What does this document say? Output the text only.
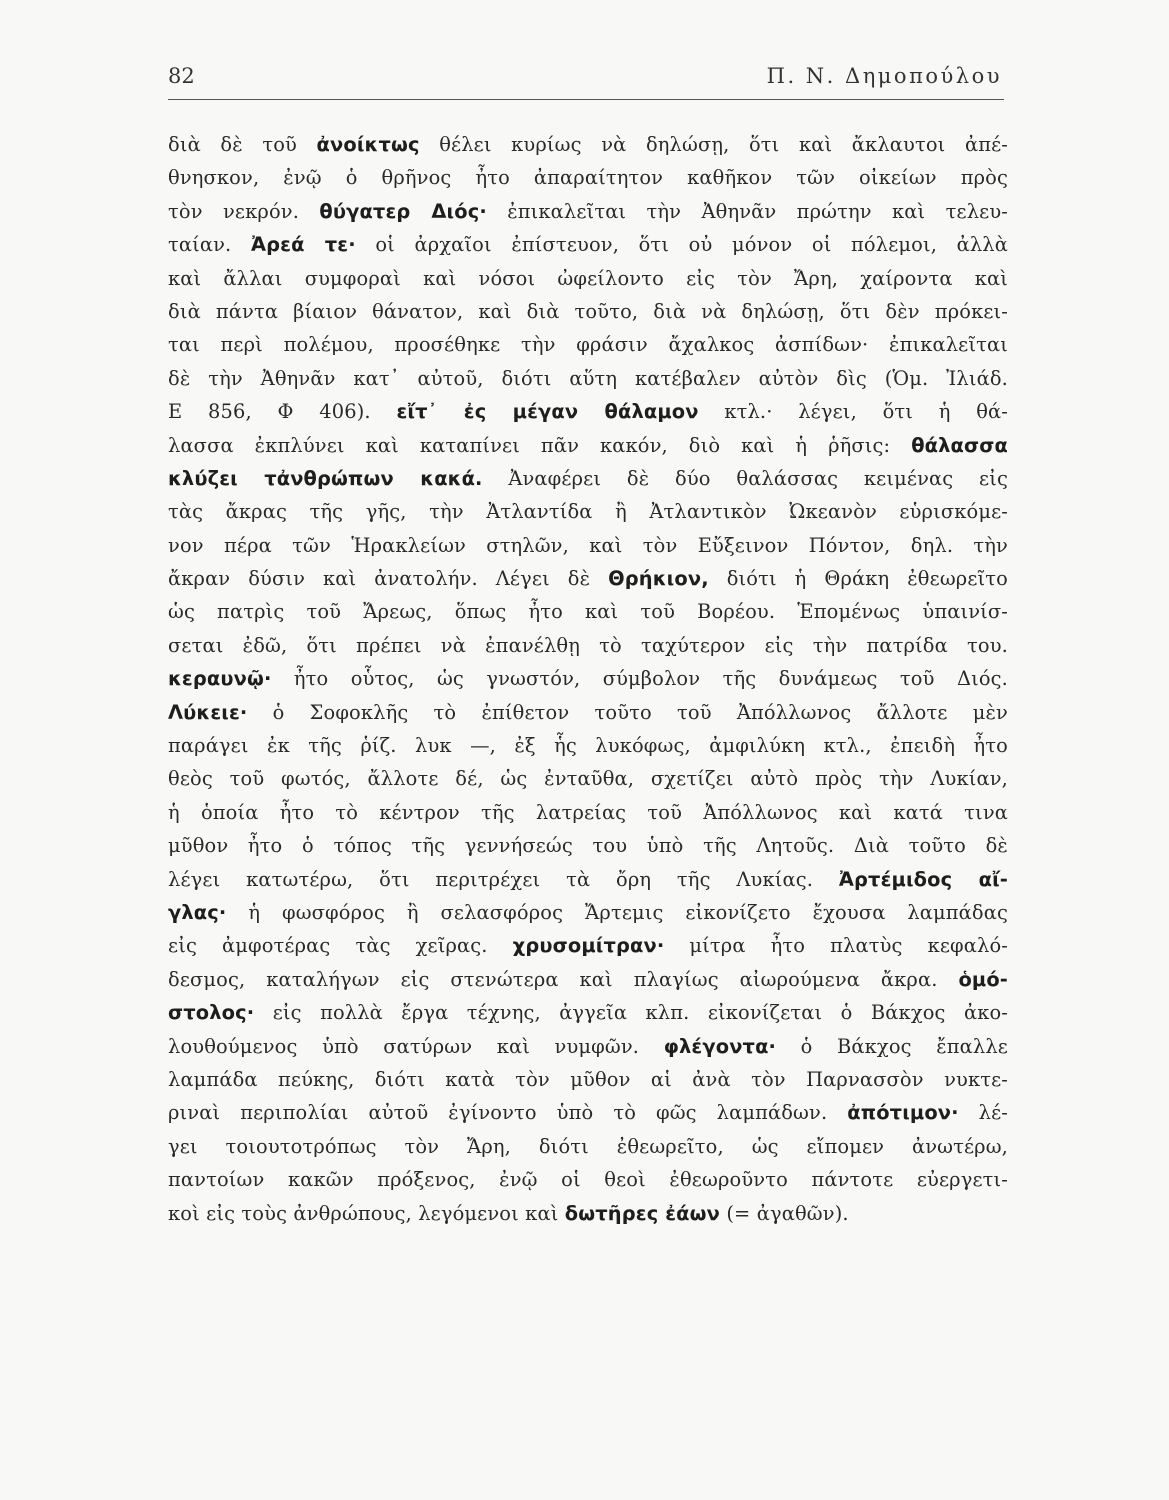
82	Π. Ν. Δημοπούλου
διὰ δὲ τοῦ ἀνοίκτως θέλει κυρίως νὰ δηλώσῃ, ὅτι καὶ ἄκλαυτοι ἀπέ-
θνησκον, ἐνῷ ὁ θρῆνος ἦτο ἀπαραίτητον καθῆκον τῶν οἰκείων πρὸς
τὸν νεκρόν. θύγατερ Διός· ἐπικαλεῖται τὴν Ἀθηνᾶν πρώτην καὶ τελευ-
ταίαν. Ἀρεά τε· οἱ ἀρχαῖοι ἐπίστευον, ὅτι οὐ μόνον οἱ πόλεμοι, ἀλλὰ
καὶ ἄλλαι συμφοραὶ καὶ νόσοι ὠφείλοντο εἰς τὸν Ἄρη, χαίροντα καὶ
διὰ πάντα βίαιον θάνατον, καὶ διὰ τοῦτο, διὰ νὰ δηλώσῃ, ὅτι δὲν πρόκει-
ται περὶ πολέμου, προσέθηκε τὴν φράσιν ἄχαλκος ἀσπίδων· ἐπικαλεῖται
δὲ τὴν Ἀθηνᾶν κατ᾽ αὐτοῦ, διότι αὕτη κατέβαλεν αὐτὸν δὶς (Ὁμ. Ἰλιάδ.
Ε 856, Φ 406). εἴτ᾽ ἐς μέγαν θάλαμον κτλ.· λέγει, ὅτι ἡ θά-
λασσα ἐκπλύνει καὶ καταπίνει πᾶν κακόν, διὸ καὶ ἡ ῥῆσις: θάλασσα
κλύζει τἀνθρώπων κακά. Ἀναφέρει δὲ δύο θαλάσσας κειμένας εἰς
τὰς ἄκρας τῆς γῆς, τὴν Ἀτλαντίδα ἢ Ἀτλαντικὸν Ὠκεανὸν εὑρισκόμε-
νον πέρα τῶν Ἡρακλείων στηλῶν, καὶ τὸν Εὔξεινον Πόντον, δηλ. τὴν
ἄκραν δύσιν καὶ ἀνατολήν. Λέγει δὲ Θρήκιον, διότι ἡ Θράκη ἐθεωρεῖτο
ὡς πατρὶς τοῦ Ἄρεως, ὅπως ἦτο καὶ τοῦ Βορέου. Ἑπομένως ὑπαινίσ-
σεται ἐδῶ, ὅτι πρέπει νὰ ἐπανέλθῃ τὸ ταχύτερον εἰς τὴν πατρίδα του.
κεραυνῷ· ἦτο οὗτος, ὡς γνωστόν, σύμβολον τῆς δυνάμεως τοῦ Διός.
Λύκειε· ὁ Σοφοκλῆς τὸ ἐπίθετον τοῦτο τοῦ Ἀπόλλωνος ἄλλοτε μὲν
παράγει ἐκ τῆς ῥίζ. λυκ —, ἐξ ἧς λυκόφως, ἀμφιλύκη κτλ., ἐπειδὴ ἦτο
θεὸς τοῦ φωτός, ἄλλοτε δέ, ὡς ἐνταῦθα, σχετίζει αὐτὸ πρὸς τὴν Λυκίαν,
ἡ ὁποία ἦτο τὸ κέντρον τῆς λατρείας τοῦ Ἀπόλλωνος καὶ κατά τινα
μῦθον ἦτο ὁ τόπος τῆς γεννήσεώς του ὑπὸ τῆς Λητοῦς. Διὰ τοῦτο δὲ
λέγει κατωτέρω, ὅτι περιτρέχει τὰ ὄρη τῆς Λυκίας. Ἀρτέμιδος αἴ-
γλας· ἡ φωσφόρος ἢ σελασφόρος Ἄρτεμις εἰκονίζετο ἔχουσα λαμπάδας
εἰς ἀμφοτέρας τὰς χεῖρας. χρυσομίτραν· μίτρα ἦτο πλατὺς κεφαλό-
δεσμος, καταλήγων εἰς στενώτερα καὶ πλαγίως αἰωρούμενα ἄκρα. ὁμό-
στολος· εἰς πολλὰ ἔργα τέχνης, ἀγγεῖα κλπ. εἰκονίζεται ὁ Βάκχος ἀκο-
λουθούμενος ὑπὸ σατύρων καὶ νυμφῶν. φλέγοντα· ὁ Βάκχος ἔπαλλε
λαμπάδα πεύκης, διότι κατὰ τὸν μῦθον αἱ ἀνὰ τὸν Παρνασσὸν νυκτε-
ριναὶ περιπολίαι αὐτοῦ ἐγίνοντο ὑπὸ τὸ φῶς λαμπάδων. ἀπότιμον· λέ-
γει τοιουτοτρόπως τὸν Ἄρη, διότι ἐθεωρεῖτο, ὡς εἴπομεν ἀνωτέρω,
παντοίων κακῶν πρόξενος, ἐνῷ οἱ θεοὶ ἐθεωροῦντο πάντοτε εὐεργετι-
κοὶ εἰς τοὺς ἀνθρώπους, λεγόμενοι καὶ δωτῆρες ἐάων (= ἀγαθῶν).
